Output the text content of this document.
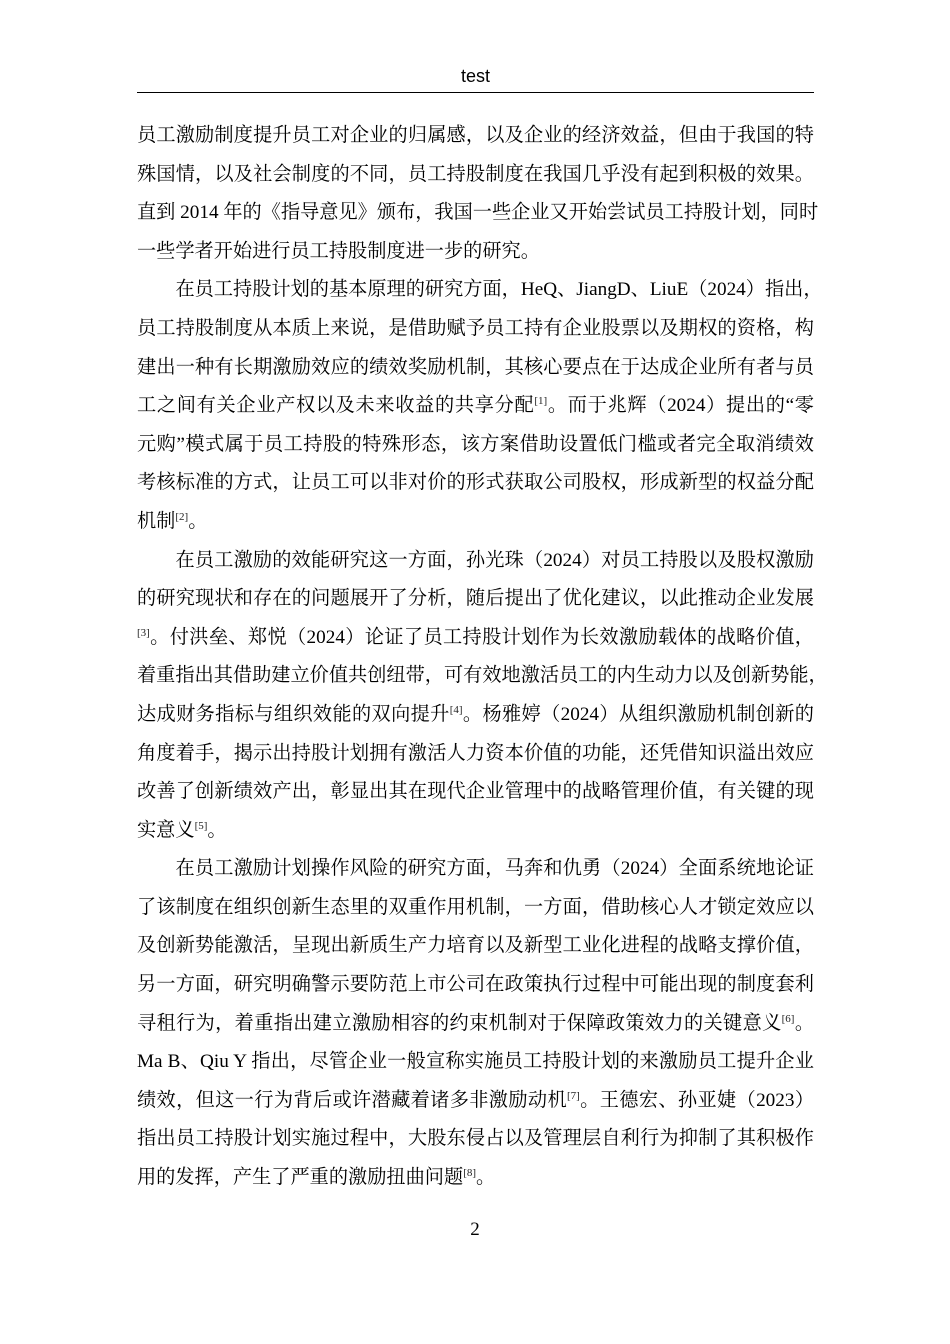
test
员工激励制度提升员工对企业的归属感，以及企业的经济效益，但由于我国的特
殊国情，以及社会制度的不同，员工持股制度在我国几乎没有起到积极的效果。
直到 2014 年的《指导意见》颁布，我国一些企业又开始尝试员工持股计划，同时
一些学者开始进行员工持股制度进一步的研究。
在员工持股计划的基本原理的研究方面，HeQ、JiangD、LiuE（2024）指出，
员工持股制度从本质上来说，是借助赋予员工持有企业股票以及期权的资格，构
建出一种有长期激励效应的绩效奖励机制，其核心要点在于达成企业所有者与员
工之间有关企业产权以及未来收益的共享分配[1]。而于兆辉（2024）提出的“零
元购”模式属于员工持股的特殊形态，该方案借助设置低门槛或者完全取消绩效
考核标准的方式，让员工可以非对价的形式获取公司股权，形成新型的权益分配
机制[2]。
在员工激励的效能研究这一方面，孙光珠（2024）对员工持股以及股权激励
的研究现状和存在的问题展开了分析，随后提出了优化建议，以此推动企业发展
[3]。付洪垒、郑悦（2024）论证了员工持股计划作为长效激励载体的战略价值，
着重指出其借助建立价值共创纽带，可有效地激活员工的内生动力以及创新势能，
达成财务指标与组织效能的双向提升[4]。杨雅婷（2024）从组织激励机制创新的
角度着手，揭示出持股计划拥有激活人力资本价值的功能，还凭借知识溢出效应
改善了创新绩效产出，彰显出其在现代企业管理中的战略管理价值，有关键的现
实意义[5]。
在员工激励计划操作风险的研究方面，马奔和仇勇（2024）全面系统地论证
了该制度在组织创新生态里的双重作用机制，一方面，借助核心人才锁定效应以
及创新势能激活，呈现出新质生产力培育以及新型工业化进程的战略支撑价值，
另一方面，研究明确警示要防范上市公司在政策执行过程中可能出现的制度套利
寻租行为，着重指出建立激励相容的约束机制对于保障政策效力的关键意义[6]。
Ma B、Qiu Y 指出，尽管企业一般宣称实施员工持股计划的来激励员工提升企业
绩效，但这一行为背后或许潜藏着诸多非激励动机[7]。王德宏、孙亚婕（2023）
指出员工持股计划实施过程中，大股东侵占以及管理层自利行为抑制了其积极作
用的发挥，产生了严重的激励扭曲问题[8]。
2
